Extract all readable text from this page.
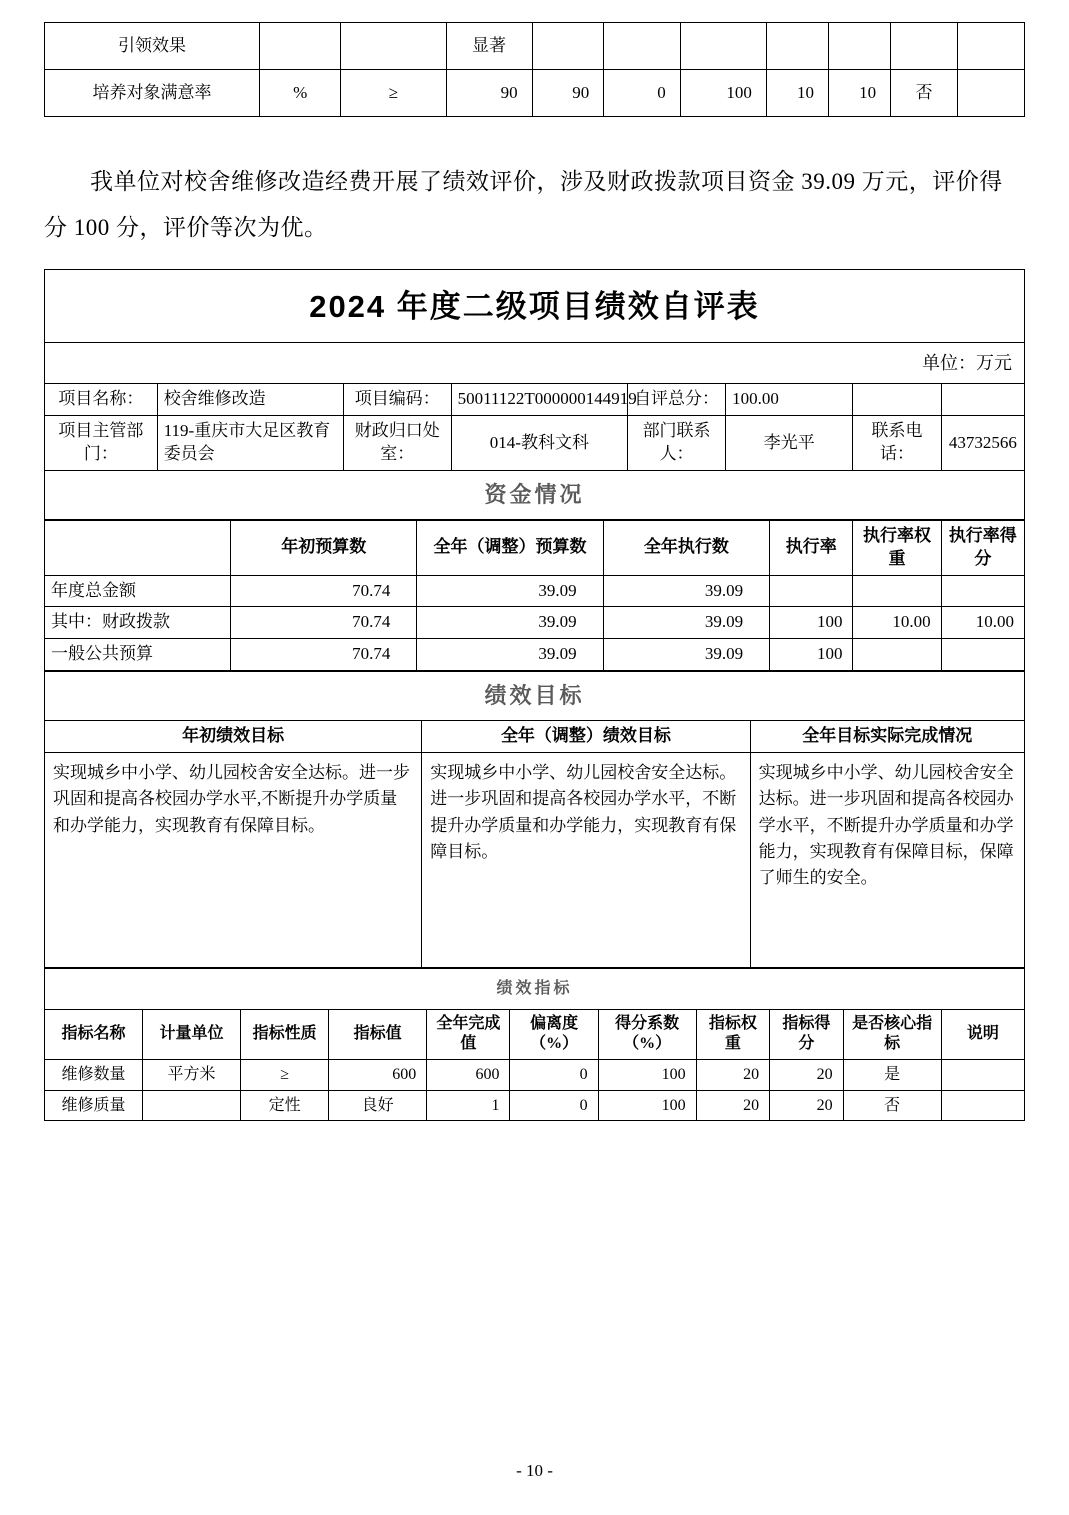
引领效果			显著							
培养对象满意率	%	≥	90	90	0	100	10	10	否	

我单位对校舍维修改造经费开展了绩效评价，涉及财政拨款项目资金 39.09 万元，评价得分 100 分，评价等次为优。

2024 年度二级项目绩效自评表							
单位：万元							
项目名称：	校舍维修改造	项目编码：	50011122T000000144919	自评总分：	100.00		
项目主管部门：	119-重庆市大足区教育委员会	财政归口处室：	014-教科文科	部门联系人：	李光平	联系电话：	43732566
资金情况							
	年初预算数	全年（调整）预算数	全年执行数	执行率	执行率权重	执行率得分
年度总金额	70.74	39.09	39.09			
其中：财政拨款	70.74	39.09	39.09	100	10.00	10.00
一般公共预算	70.74	39.09	39.09	100		
绩效目标		
年初绩效目标	全年（调整）绩效目标	全年目标实际完成情况
实现城乡中小学、幼儿园校舍安全达标。进一步巩固和提高各校园办学水平,不断提升办学质量和办学能力，实现教育有保障目标。	实现城乡中小学、幼儿园校舍安全达标。进一步巩固和提高各校园办学水平，不断提升办学质量和办学能力，实现教育有保障目标。	实现城乡中小学、幼儿园校舍安全达标。进一步巩固和提高各校园办学水平，不断提升办学质量和办学能力，实现教育有保障目标，保障了师生的安全。
绩效指标										
指标名称	计量单位	指标性质	指标值	全年完成值	偏离度（%）	得分系数（%）	指标权重	指标得分	是否核心指标	说明
维修数量	平方米	≥	600	600	0	100	20	20	是	
维修质量		定性	良好	1	0	100	20	20	否	
- 10 -
